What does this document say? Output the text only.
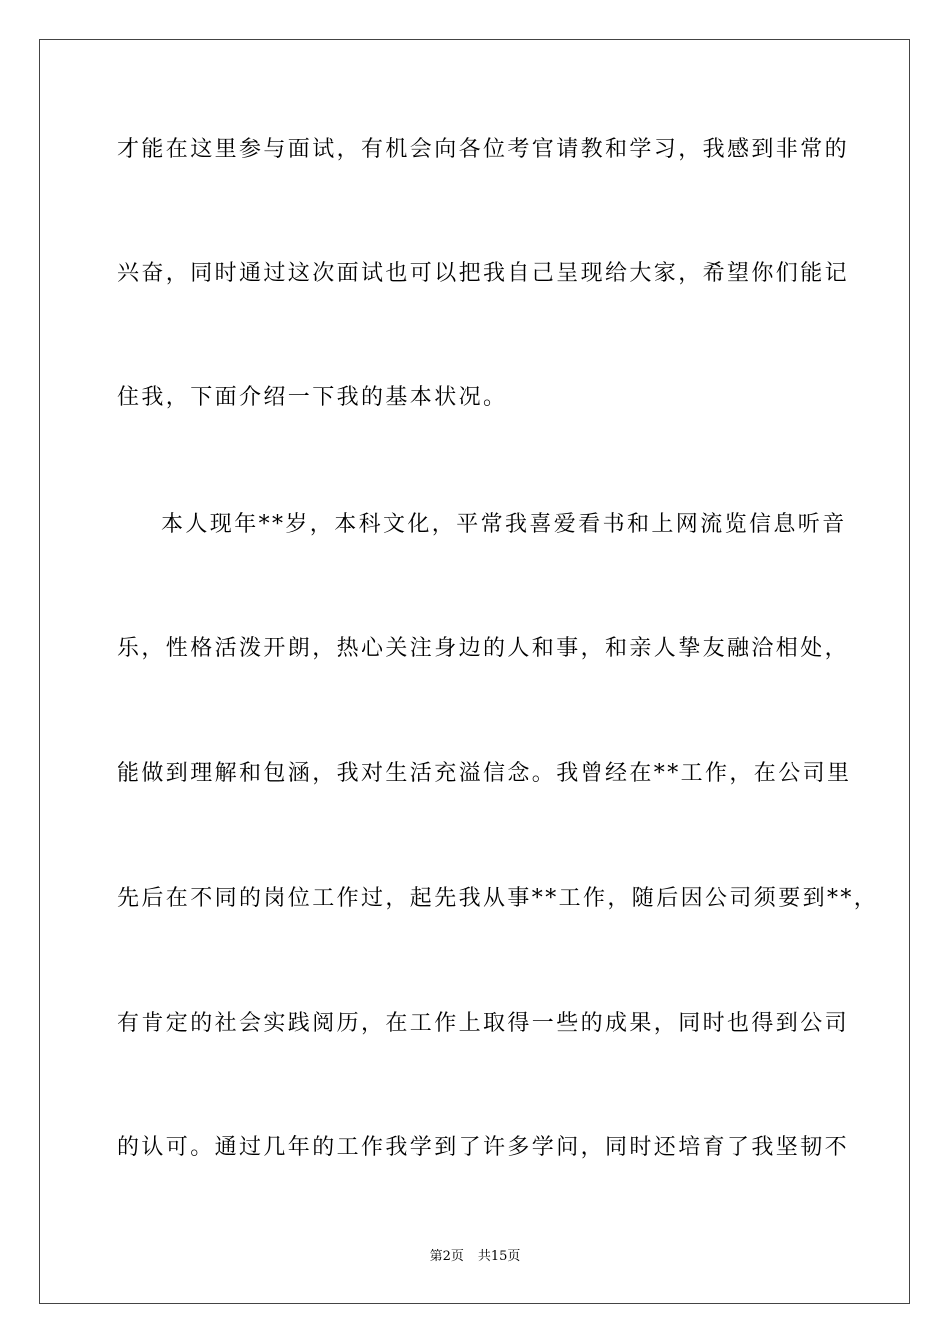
才能在这里参与面试，有机会向各位考官请教和学习，我感到非常的
兴奋，同时通过这次面试也可以把我自己呈现给大家，希望你们能记
住我，下面介绍一下我的基本状况。
本人现年**岁，本科文化，平常我喜爱看书和上网流览信息听音
乐，性格活泼开朗，热心关注身边的人和事，和亲人挚友融洽相处，
能做到理解和包涵，我对生活充溢信念。我曾经在**工作，在公司里
先后在不同的岗位工作过，起先我从事**工作，随后因公司须要到**，
有肯定的社会实践阅历，在工作上取得一些的成果，同时也得到公司
的认可。通过几年的工作我学到了许多学问，同时还培育了我坚韧不
第2页 共15页
